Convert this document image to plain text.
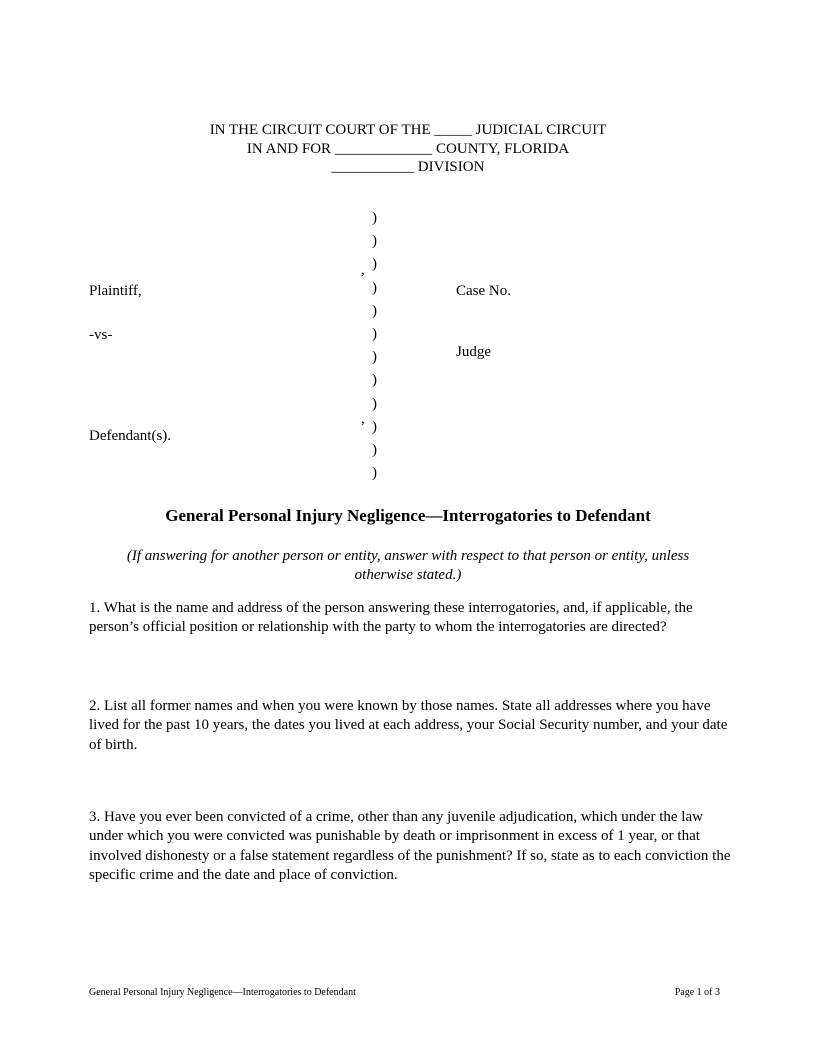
IN THE CIRCUIT COURT OF THE _____ JUDICIAL CIRCUIT
IN AND FOR _____________ COUNTY, FLORIDA
___________ DIVISION
,
Plaintiff,
-vs-
,
Defendant(s).
Case No.
Judge
)
)
)
)
)
)
)
)
)
)
)
)
General Personal Injury Negligence—Interrogatories to Defendant
(If answering for another person or entity, answer with respect to that person or entity, unless otherwise stated.)
1. What is the name and address of the person answering these interrogatories, and, if applicable, the person’s official position or relationship with the party to whom the interrogatories are directed?
2. List all former names and when you were known by those names. State all addresses where you have lived for the past 10 years, the dates you lived at each address, your Social Security number, and your date of birth.
3. Have you ever been convicted of a crime, other than any juvenile adjudication, which under the law under which you were convicted was punishable by death or imprisonment in excess of 1 year, or that involved dishonesty or a false statement regardless of the punishment? If so, state as to each conviction the specific crime and the date and place of conviction.
General Personal Injury Negligence—Interrogatories to Defendant	Page 1 of 3
